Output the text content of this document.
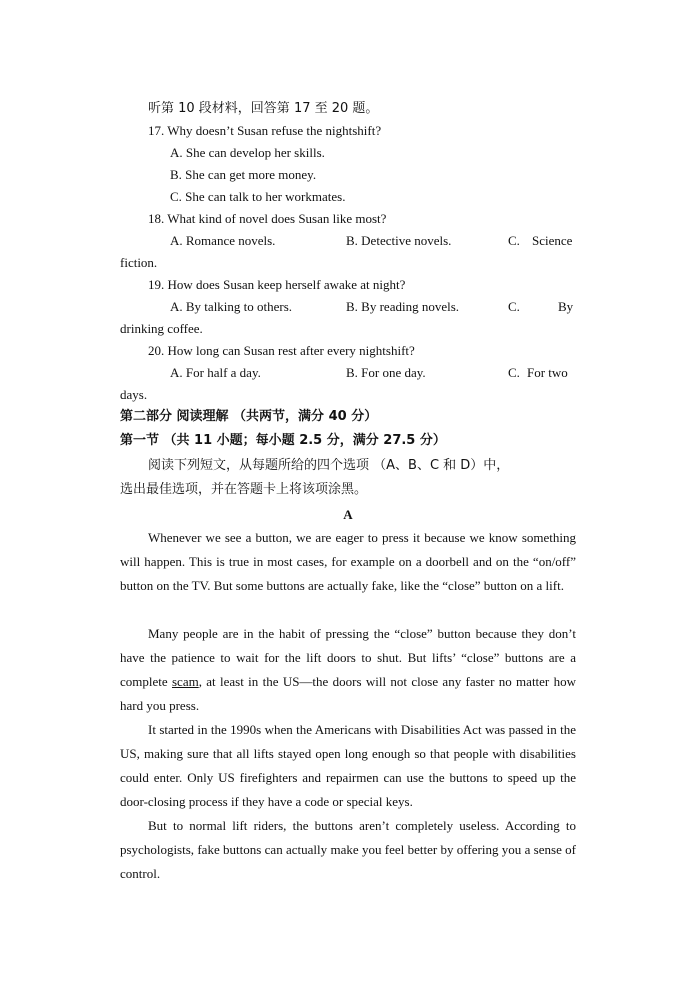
听第 10 段材料，回答第 17 至 20 题。
17. Why doesn’t Susan refuse the nightshift?
A. She can develop her skills.
B. She can get more money.
C. She can talk to her workmates.
18. What kind of novel does Susan like most?
A. Romance novels.	B. Detective novels.	C. Science
fiction.
19. How does Susan keep herself awake at night?
A. By talking to others.	B. By reading novels.	C.	By
drinking coffee.
20. How long can Susan rest after every nightshift?
A. For half a day.	B. For one day.	C. For two
days.
第二部分 阅读理解 （共两节，满分 40 分）
第一节 （共 11 小题；每小题 2.5 分，满分 27.5 分）
阅读下列短文，从每题所给的四个选项 （A、B、C 和 D）中，
选出最佳选项，并在答题卡上将该项涂黑。
A
Whenever we see a button, we are eager to press it because we know something will happen. This is true in most cases, for example on a doorbell and on the “on/off” button on the TV. But some buttons are actually fake, like the “close” button on a lift.
Many people are in the habit of pressing the “close” button because they don’t have the patience to wait for the lift doors to shut. But lifts’ “close” buttons are a complete scam, at least in the US—the doors will not close any faster no matter how hard you press.
It started in the 1990s when the Americans with Disabilities Act was passed in the US, making sure that all lifts stayed open long enough so that people with disabilities could enter. Only US firefighters and repairmen can use the buttons to speed up the door-closing process if they have a code or special keys.
But to normal lift riders, the buttons aren’t completely useless. According to psychologists, fake buttons can actually make you feel better by offering you a sense of control.
